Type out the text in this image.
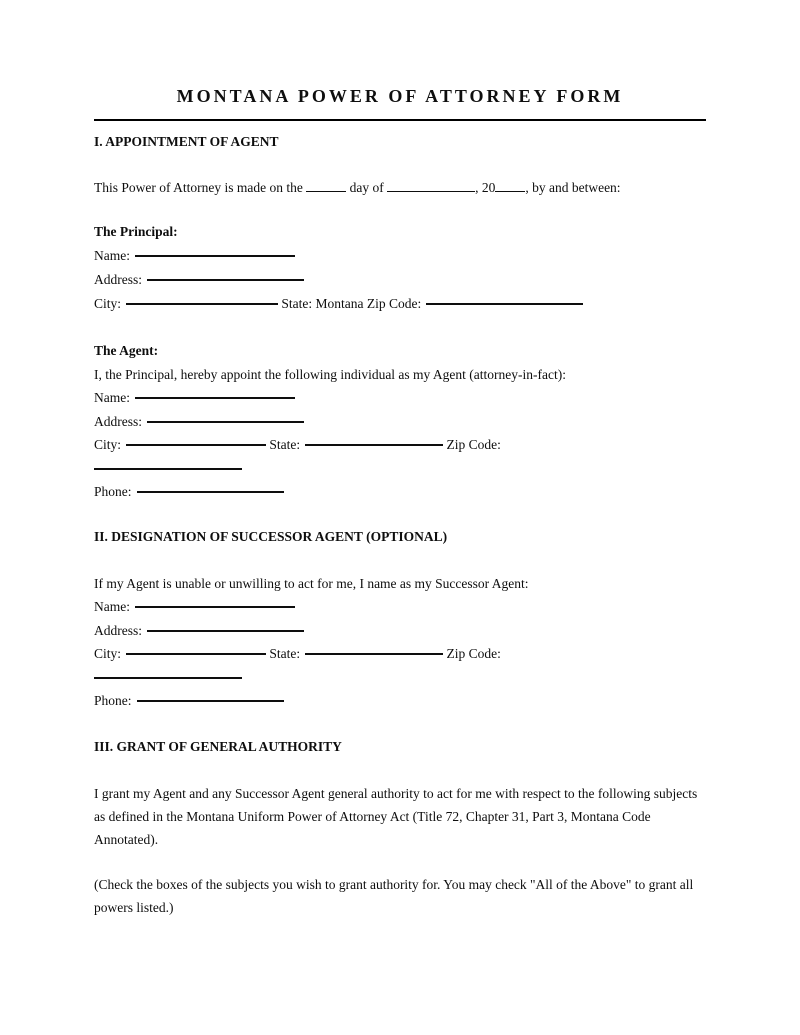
MONTANA POWER OF ATTORNEY FORM
I. APPOINTMENT OF AGENT

This Power of Attorney is made on the	day of	, 20 , by and between:

The Principal:
Name:
Address:
City:	State: Montana Zip Code:
The Agent:
I, the Principal, hereby appoint the following individual as my Agent (attorney-in-fact):
Name:
Address:
City:	State:	Zip Code:
Phone:
II. DESIGNATION OF SUCCESSOR AGENT (OPTIONAL)
If my Agent is unable or unwilling to act for me, I name as my Successor Agent:
Name:
Address:
City:	State:	Zip Code:
Phone:
III. GRANT OF GENERAL AUTHORITY

I grant my Agent and any Successor Agent general authority to act for me with respect to the following subjects as defined in the Montana Uniform Power of Attorney Act (Title 72, Chapter 31, Part 3, Montana Code Annotated).

(Check the boxes of the subjects you wish to grant authority for. You may check "All of the Above" to grant all powers listed.)
